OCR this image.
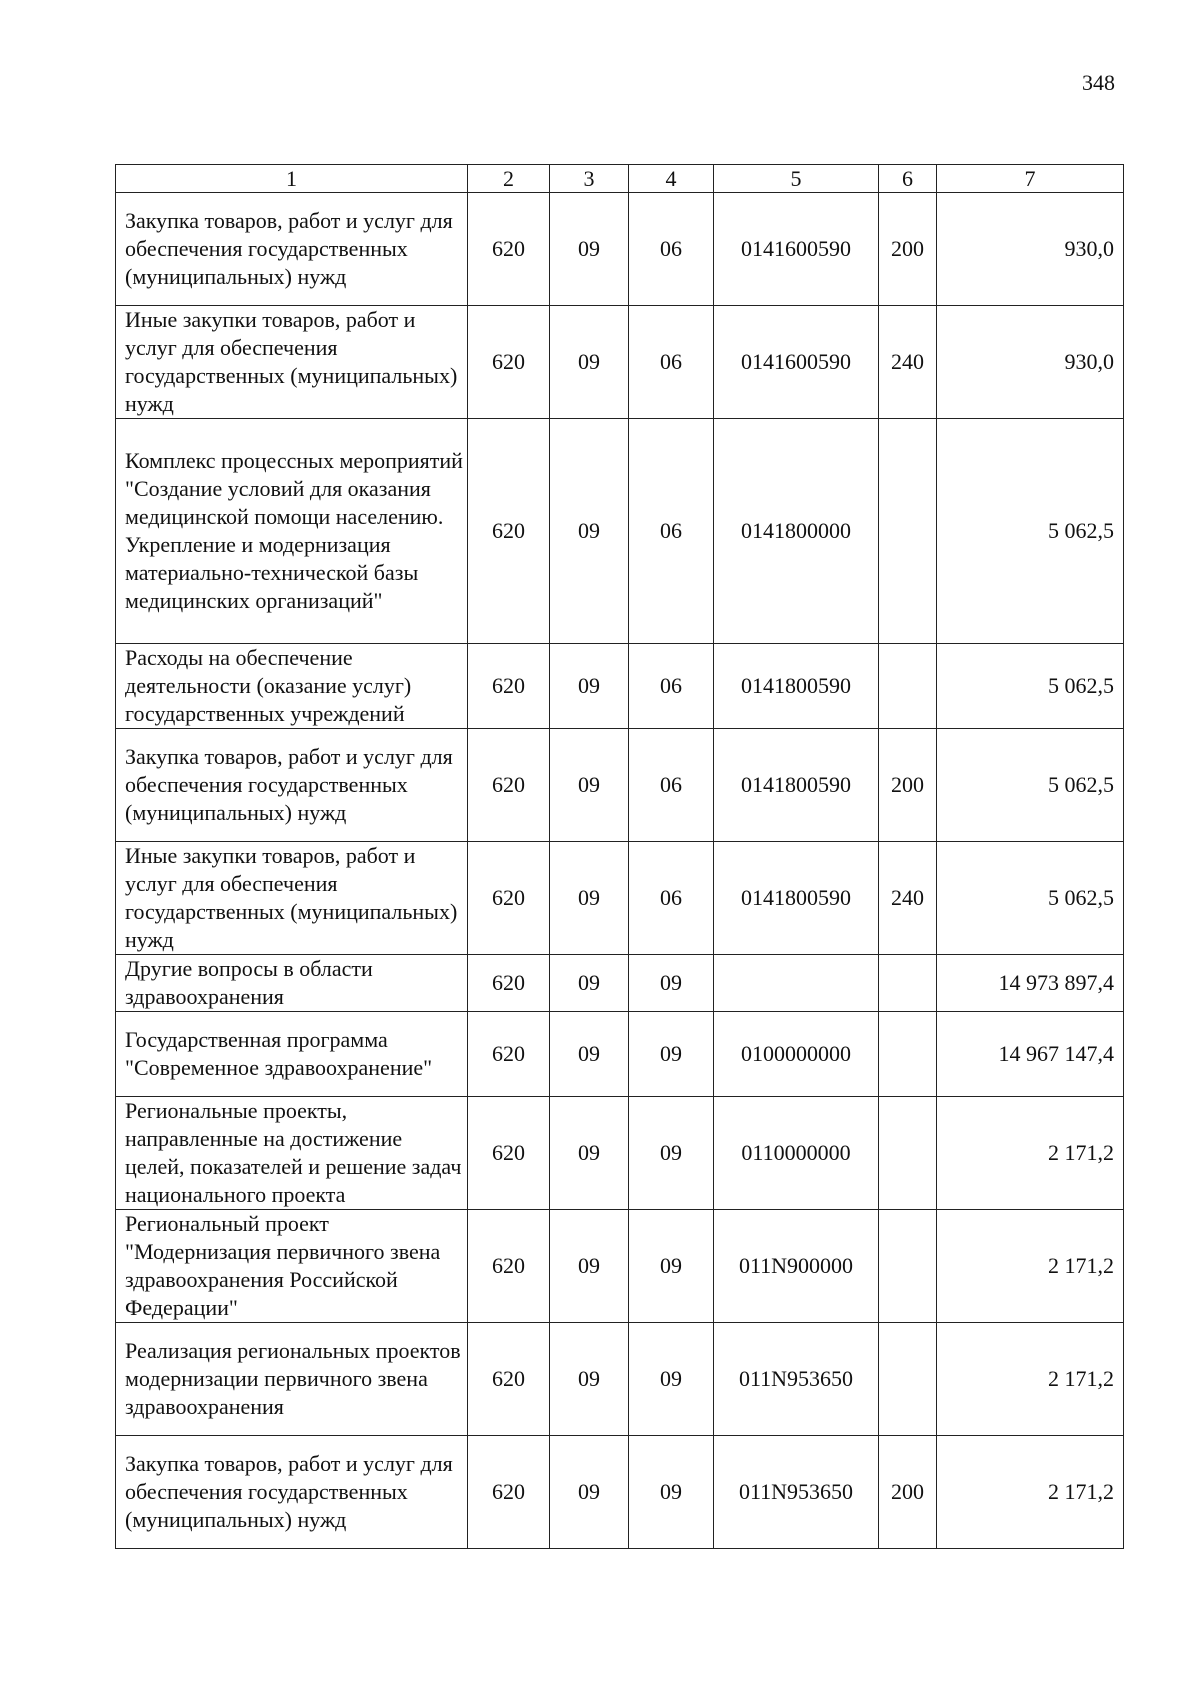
348
1	2	3	4	5	6	7
Закупка товаров, работ и услуг для обеспечения государственных (муниципальных) нужд	620	09	06	0141600590	200	930,0
Иные закупки товаров, работ и услуг для обеспечения государственных (муниципальных) нужд	620	09	06	0141600590	240	930,0
Комплекс процессных мероприятий "Создание условий для оказания медицинской помощи населению. Укрепление и модернизация материально-технической базы медицинских организаций"	620	09	06	0141800000		5 062,5
Расходы на обеспечение деятельности (оказание услуг) государственных учреждений	620	09	06	0141800590		5 062,5
Закупка товаров, работ и услуг для обеспечения государственных (муниципальных) нужд	620	09	06	0141800590	200	5 062,5
Иные закупки товаров, работ и услуг для обеспечения государственных (муниципальных) нужд	620	09	06	0141800590	240	5 062,5
Другие вопросы в области здравоохранения	620	09	09			14 973 897,4
Государственная программа "Современное здравоохранение"	620	09	09	0100000000		14 967 147,4
Региональные проекты, направленные на достижение целей, показателей и решение задач национального проекта	620	09	09	0110000000		2 171,2
Региональный проект "Модернизация первичного звена здравоохранения Российской Федерации"	620	09	09	011N900000		2 171,2
Реализация региональных проектов модернизации первичного звена здравоохранения	620	09	09	011N953650		2 171,2
Закупка товаров, работ и услуг для обеспечения государственных (муниципальных) нужд	620	09	09	011N953650	200	2 171,2
